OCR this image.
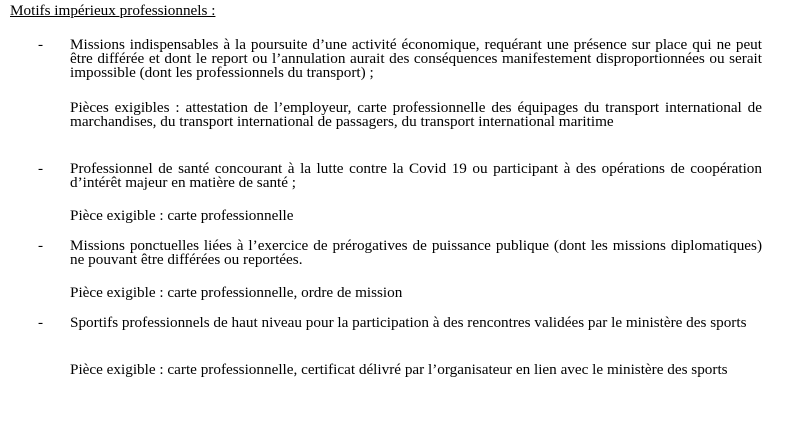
Motifs impérieux professionnels :
-	Missions indispensables à la poursuite d’une activité économique, requérant une présence sur place qui ne peut être différée et dont le report ou l’annulation aurait des conséquences manifestement disproportionnées ou serait impossible (dont les professionnels du transport) ;
Pièces exigibles : attestation de l’employeur, carte professionnelle des équipages du transport international de marchandises, du transport international de passagers, du transport international maritime
-	Professionnel de santé concourant à la lutte contre la Covid 19 ou participant à des opérations de coopération d’intérêt majeur en matière de santé ;
Pièce exigible : carte professionnelle
-	Missions ponctuelles liées à l’exercice de prérogatives de puissance publique (dont les missions diplomatiques) ne pouvant être différées ou reportées.
Pièce exigible : carte professionnelle, ordre de mission
-	Sportifs professionnels de haut niveau pour la participation à des rencontres validées par le ministère des sports
Pièce exigible : carte professionnelle, certificat délivré par l’organisateur en lien avec le ministère des sports
